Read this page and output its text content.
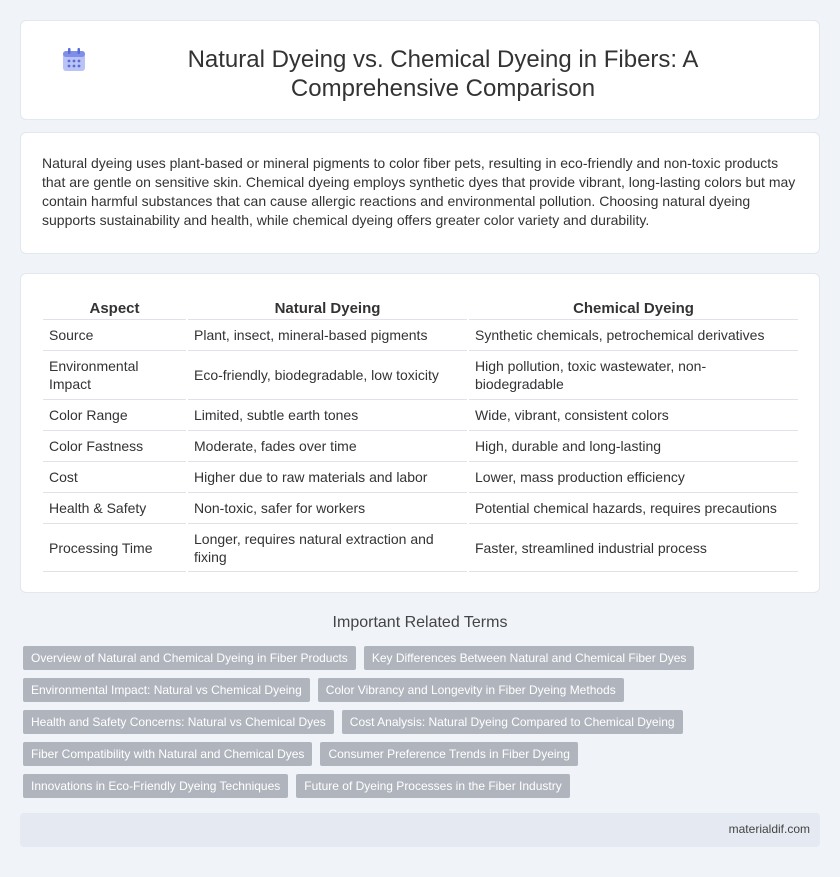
Natural Dyeing vs. Chemical Dyeing in Fibers: A Comprehensive Comparison

Natural dyeing uses plant-based or mineral pigments to color fiber pets, resulting in eco-friendly and non-toxic products that are gentle on sensitive skin. Chemical dyeing employs synthetic dyes that provide vibrant, long-lasting colors but may contain harmful substances that can cause allergic reactions and environmental pollution. Choosing natural dyeing supports sustainability and health, while chemical dyeing offers greater color variety and durability.

Aspect	Natural Dyeing	Chemical Dyeing
Source	Plant, insect, mineral-based pigments	Synthetic chemicals, petrochemical derivatives
Environmental Impact	Eco-friendly, biodegradable, low toxicity	High pollution, toxic wastewater, non-biodegradable
Color Range	Limited, subtle earth tones	Wide, vibrant, consistent colors
Color Fastness	Moderate, fades over time	High, durable and long-lasting
Cost	Higher due to raw materials and labor	Lower, mass production efficiency
Health & Safety	Non-toxic, safer for workers	Potential chemical hazards, requires precautions
Processing Time	Longer, requires natural extraction and fixing	Faster, streamlined industrial process
Important Related Terms
Overview of Natural and Chemical Dyeing in Fiber Products	Key Differences Between Natural and Chemical Fiber Dyes
Environmental Impact: Natural vs Chemical Dyeing	Color Vibrancy and Longevity in Fiber Dyeing Methods
Health and Safety Concerns: Natural vs Chemical Dyes	Cost Analysis: Natural Dyeing Compared to Chemical Dyeing
Fiber Compatibility with Natural and Chemical Dyes	Consumer Preference Trends in Fiber Dyeing
Innovations in Eco-Friendly Dyeing Techniques	Future of Dyeing Processes in the Fiber Industry
materialdif.com
